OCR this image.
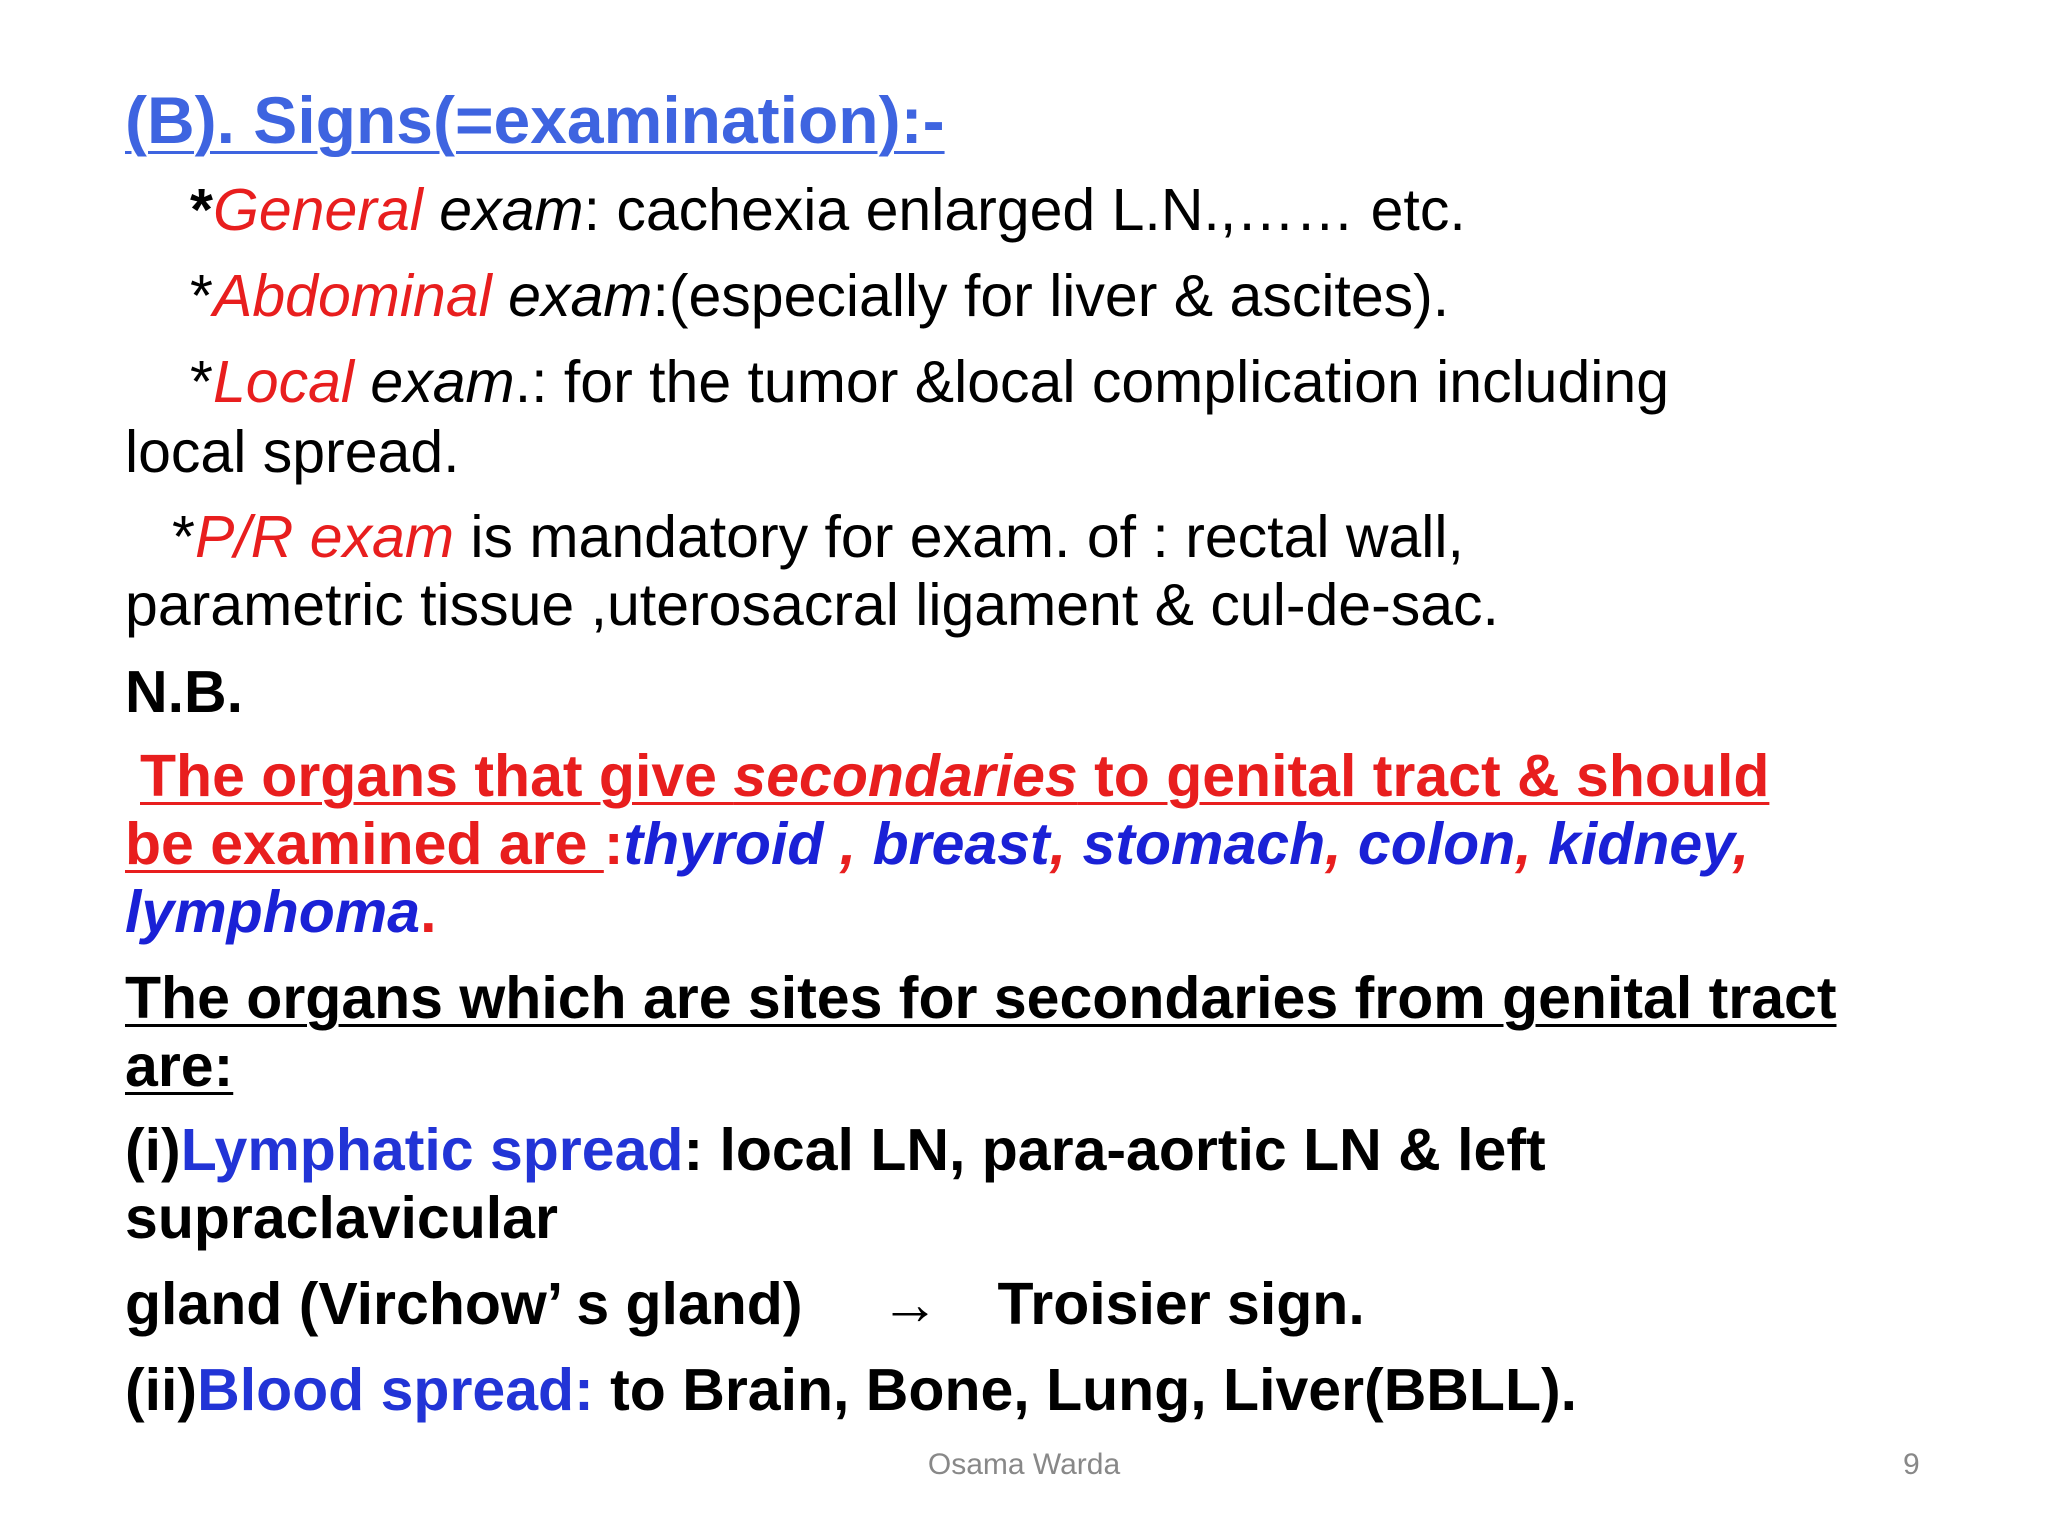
(B). Signs(=examination):-
*General exam: cachexia enlarged L.N.,…… etc.
*Abdominal exam:(especially for liver & ascites).
*Local exam.: for the tumor &local complication including
local spread.
*P/R exam is mandatory for exam. of : rectal wall,
parametric tissue ,uterosacral ligament & cul-de-sac.
N.B.
The organs that give secondaries to genital tract & should
be examined are :thyroid , breast, stomach, colon, kidney,
lymphoma.
The organs which are sites for secondaries from genital tract
are:
(i)Lymphatic spread: local LN, para-aortic LN & left
supraclavicular
gland (Virchow’ s gland) → Troisier sign.
(ii)Blood spread: to Brain, Bone, Lung, Liver(BBLL).
Osama Warda	9
